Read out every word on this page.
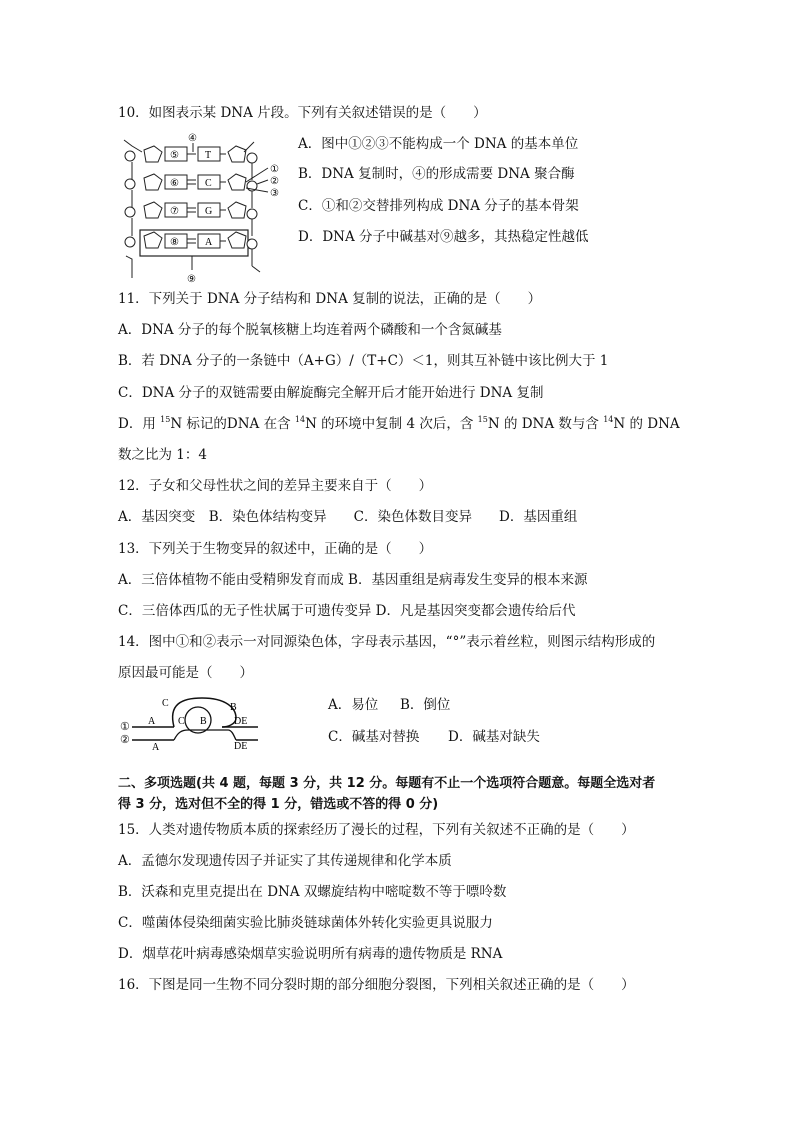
10．如图表示某 DNA 片段。下列有关叙述错误的是（　　）
⑤
⑥
⑦
⑧
T
C
G
A
④
⑨
①
②
③
A．图中①②③不能构成一个 DNA 的基本单位
B．DNA 复制时，④的形成需要 DNA 聚合酶
C．①和②交替排列构成 DNA 分子的基本骨架
D．DNA 分子中碱基对⑨越多，其热稳定性越低
11．下列关于 DNA 分子结构和 DNA 复制的说法，正确的是（　　）
A．DNA 分子的每个脱氧核糖上均连着两个磷酸和一个含氮碱基
B．若 DNA 分子的一条链中（A+G）/（T+C）＜1，则其互补链中该比例大于 1
C．DNA 分子的双链需要由解旋酶完全解开后才能开始进行 DNA 复制
D．用 $^{15}$N 标记的DNA 在含 $^{14}$N 的环境中复制 4 次后，含 $^{15}$N 的 DNA 数与含 $^{14}$N 的 DNA
数之比为 1：4
12．子女和父母性状之间的差异主要来自于（　　）
A．基因突变　B．染色体结构变异　　C．染色体数目变异　　D．基因重组
13．下列关于生物变异的叙述中，正确的是（　　）
A．三倍体植物不能由受精卵发育而成 B．基因重组是病毒发生变异的根本来源
C．三倍体西瓜的无子性状属于可遗传变异 D．凡是基因突变都会遗传给后代
14．图中①和②表示一对同源染色体，字母表示基因，“°”表示着丝粒，则图示结构形成的
原因最可能是（　　）
①
②
A
A
C
C B
B
DE
DE
A．易位 B．倒位
C．碱基对替换 D．碱基对缺失
二、多项选题(共 4 题，每题 3 分，共 12 分。每题有不止一个选项符合题意。每题全选对者
得 3 分，选对但不全的得 1 分，错选或不答的得 0 分)
15．人类对遗传物质本质的探索经历了漫长的过程，下列有关叙述不正确的是（　　）
A．孟德尔发现遗传因子并证实了其传递规律和化学本质
B．沃森和克里克提出在 DNA 双螺旋结构中嘧啶数不等于嘌呤数
C．噬菌体侵染细菌实验比肺炎链球菌体外转化实验更具说服力
D．烟草花叶病毒感染烟草实验说明所有病毒的遗传物质是 RNA
16．下图是同一生物不同分裂时期的部分细胞分裂图，下列相关叙述正确的是（　　）
